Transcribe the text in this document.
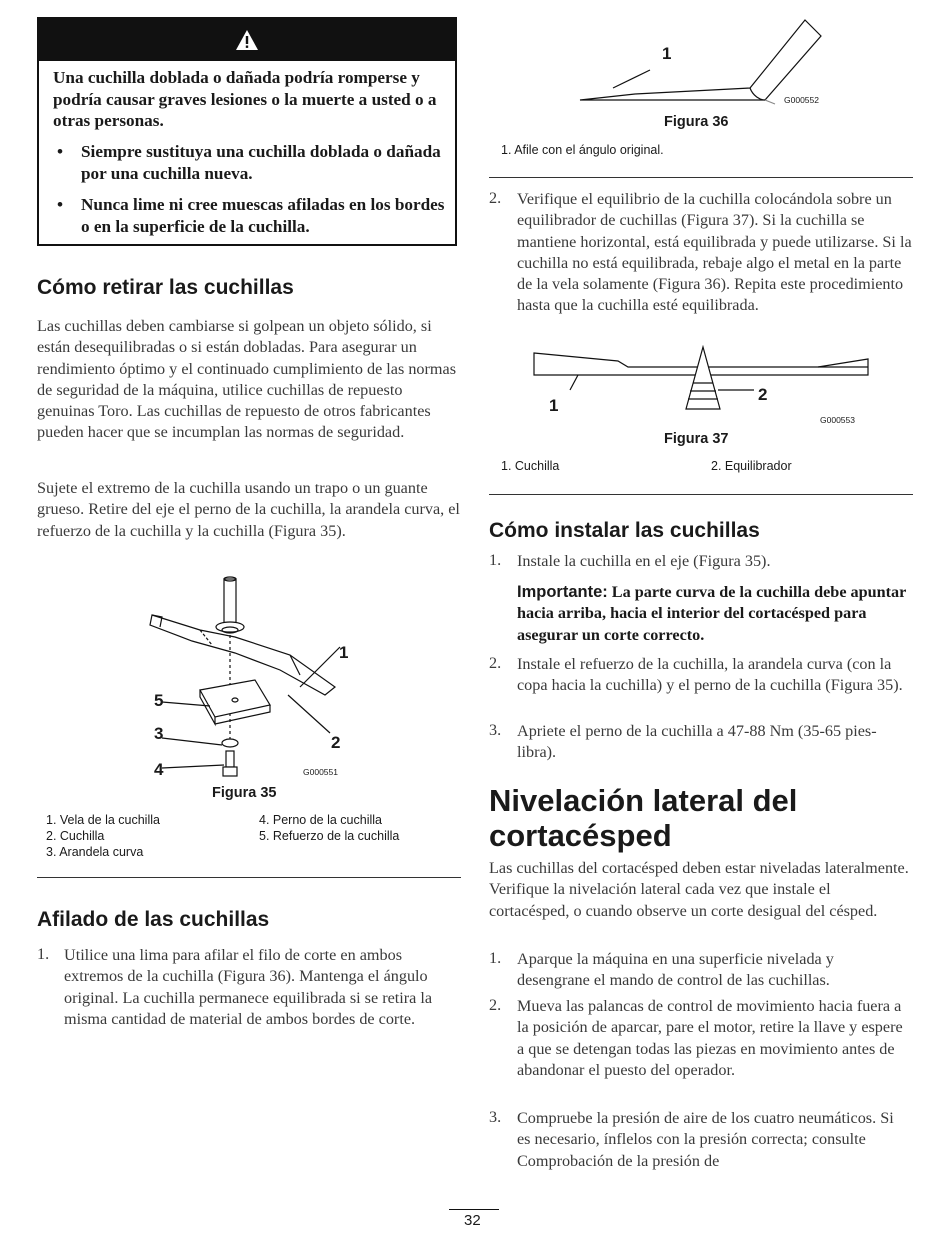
Una cuchilla doblada o dañada podría romperse y podría causar graves lesiones o la muerte a usted o a otras personas.
• Siempre sustituya una cuchilla doblada o dañada por una cuchilla nueva.
• Nunca lime ni cree muescas afiladas en los bordes o en la superficie de la cuchilla.
Cómo retirar las cuchillas

Las cuchillas deben cambiarse si golpean un objeto sólido, si están desequilibradas o si están dobladas. Para asegurar un rendimiento óptimo y el continuado cumplimiento de las normas de seguridad de la máquina, utilice cuchillas de repuesto genuinas Toro. Las cuchillas de repuesto de otros fabricantes pueden hacer que se incumplan las normas de seguridad.

Sujete el extremo de la cuchilla usando un trapo o un guante grueso. Retire del eje el perno de la cuchilla, la arandela curva, el refuerzo de la cuchilla y la cuchilla (Figura 35).

1
2
3
4
5
G000551
Figura 35
1. Vela de la cuchilla
2. Cuchilla
3. Arandela curva
4. Perno de la cuchilla
5. Refuerzo de la cuchilla
Afilado de las cuchillas
1. Utilice una lima para afilar el filo de corte en ambos extremos de la cuchilla (Figura 36). Mantenga el ángulo original. La cuchilla permanece equilibrada si se retira la misma cantidad de material de ambos bordes de corte.

1
G000552
Figura 36
1. Afile con el ángulo original.
2. Verifique el equilibrio de la cuchilla colocándola sobre un equilibrador de cuchillas (Figura 37). Si la cuchilla se mantiene horizontal, está equilibrada y puede utilizarse. Si la cuchilla no está equilibrada, rebaje algo el metal en la parte de la vela solamente (Figura 36). Repita este procedimiento hasta que la cuchilla esté equilibrada.

1
2
G000553
Figura 37
1. Cuchilla	2. Equilibrador
Cómo instalar las cuchillas
1. Instale la cuchilla en el eje (Figura 35).

Importante: La parte curva de la cuchilla debe apuntar hacia arriba, hacia el interior del cortacésped para asegurar un corte correcto.

2. Instale el refuerzo de la cuchilla, la arandela curva (con la copa hacia la cuchilla) y el perno de la cuchilla (Figura 35).

3. Apriete el perno de la cuchilla a 47-88 Nm (35-65 pies-libra).

Nivelación lateral del
cortacésped

Las cuchillas del cortacésped deben estar niveladas lateralmente. Verifique la nivelación lateral cada vez que instale el cortacésped, o cuando observe un corte desigual del césped.

1. Aparque la máquina en una superficie nivelada y desengrane el mando de control de las cuchillas.

2. Mueva las palancas de control de movimiento hacia fuera a la posición de aparcar, pare el motor, retire la llave y espere a que se detengan todas las piezas en movimiento antes de abandonar el puesto del operador.

3. Compruebe la presión de aire de los cuatro neumáticos. Si es necesario, ínflelos con la presión correcta; consulte Comprobación de la presión de

32
